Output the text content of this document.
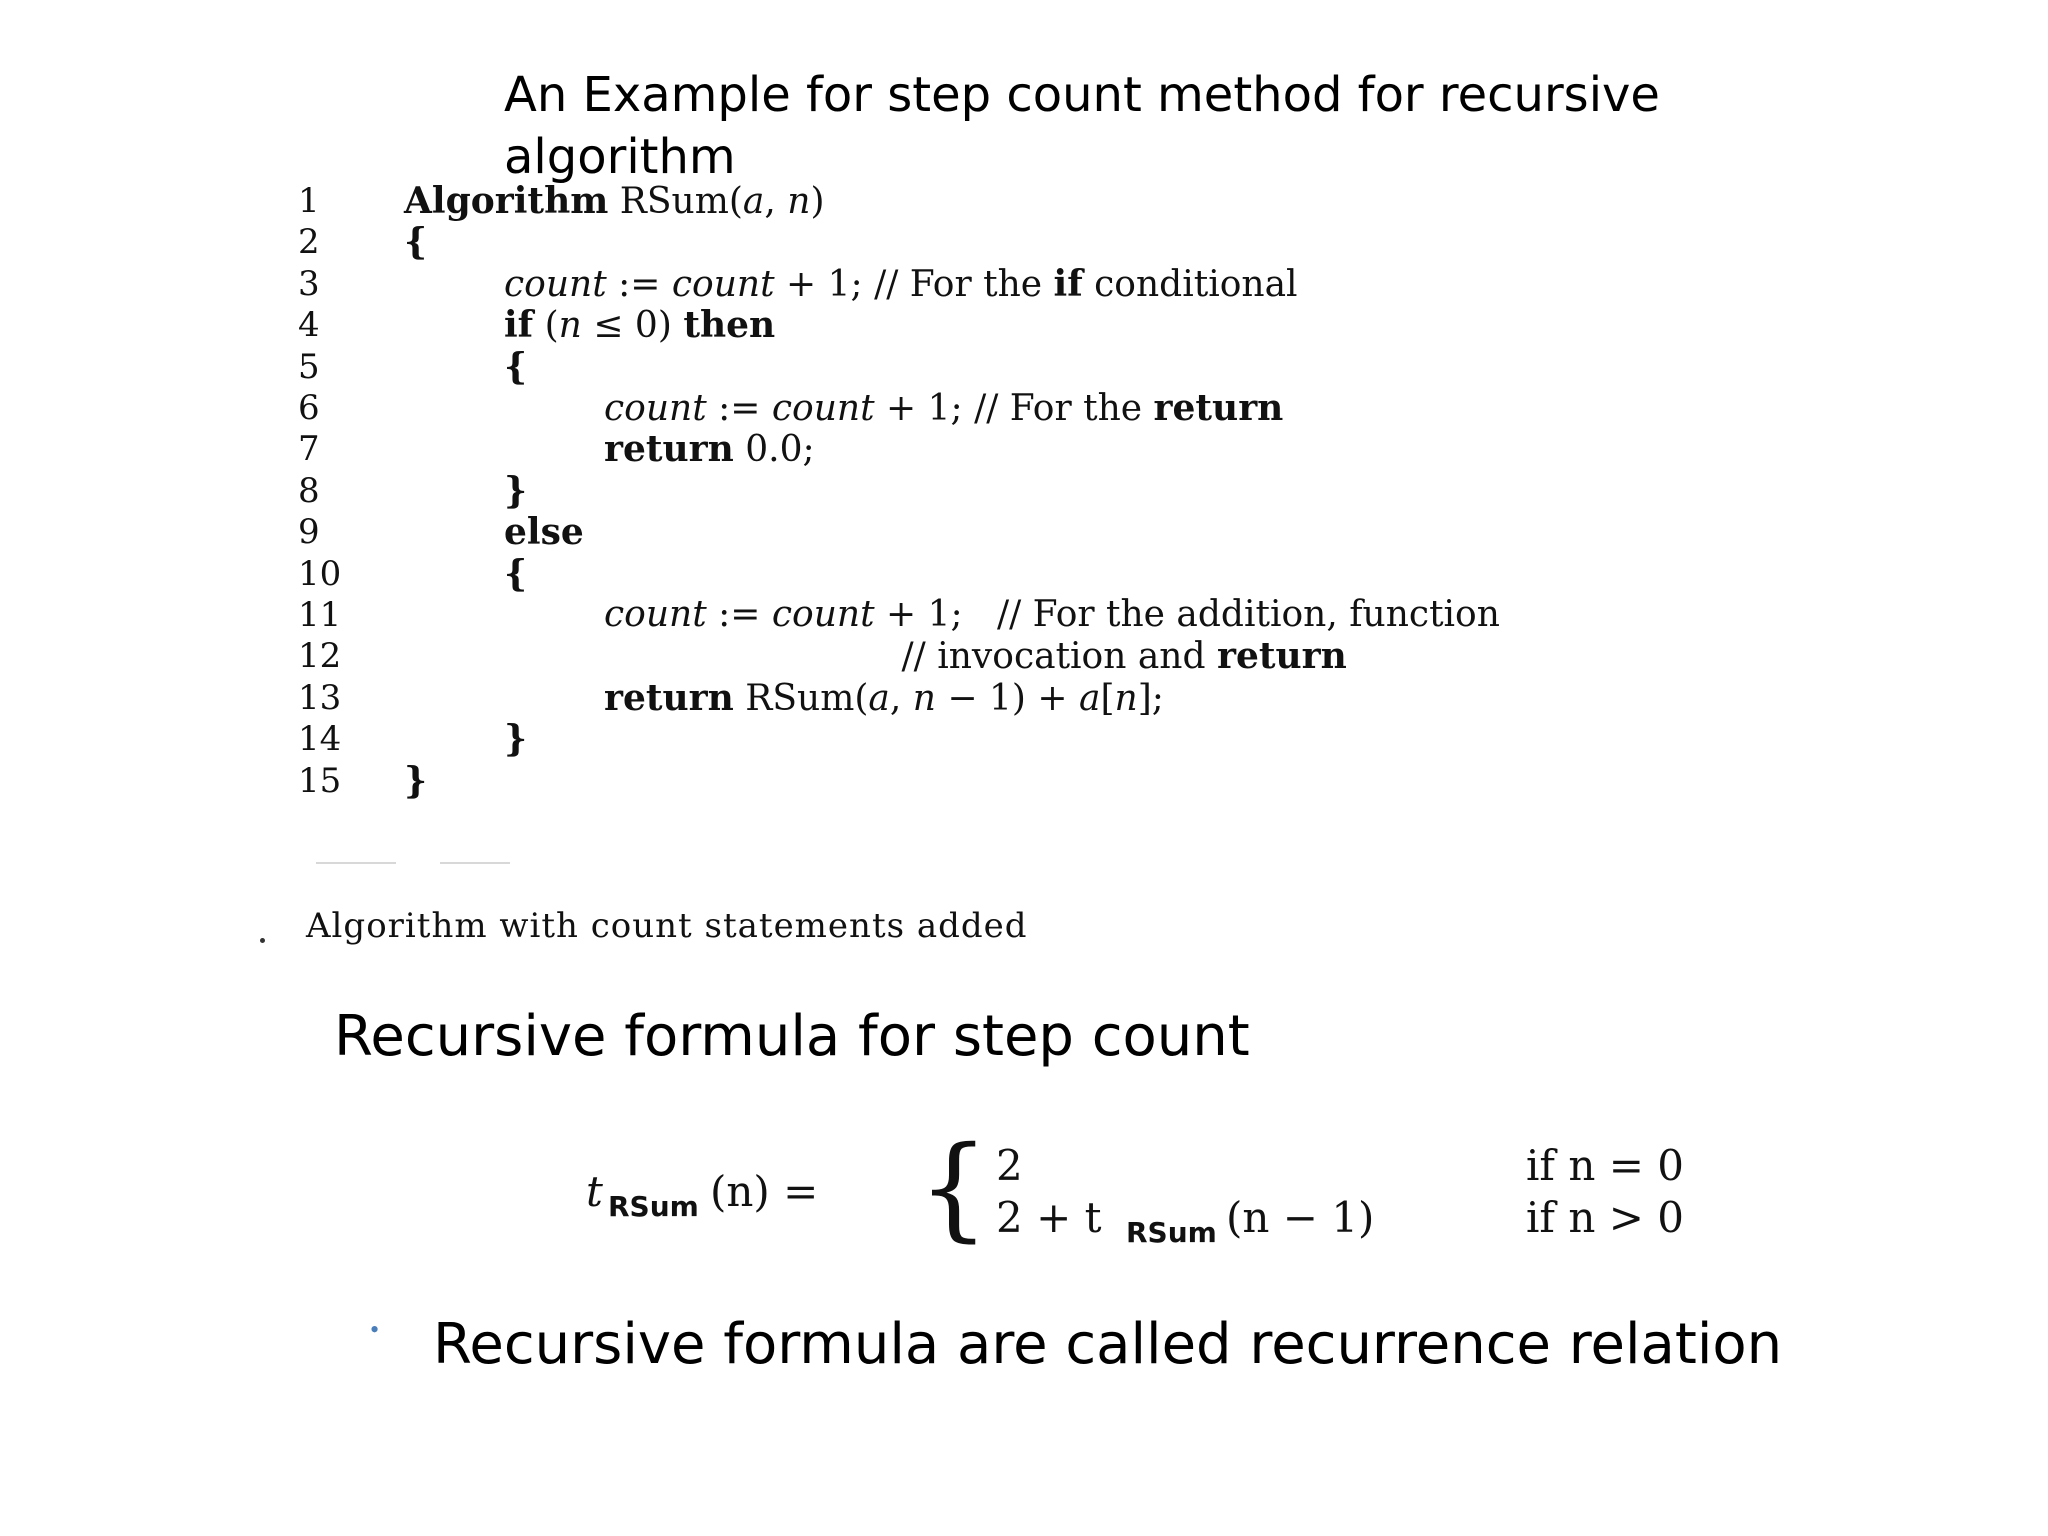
An Example for step count method for recursive algorithm
1	Algorithm RSum(a, n)
2	{
3	count := count + 1; // For the if conditional
4	if (n ≤ 0) then
5	{
6	count := count + 1; // For the return
7	return 0.0;
8	}
9	else
10	{
11	count := count + 1;   // For the addition, function
12	// invocation and return
13	return RSum(a, n − 1) + a[n];
14	}
15	}
Algorithm with count statements added
Recursive formula for step count
t RSum (n) = { 2	if n = 0
2 + t RSum (n − 1)	if n > 0
• Recursive formula are called recurrence relation
